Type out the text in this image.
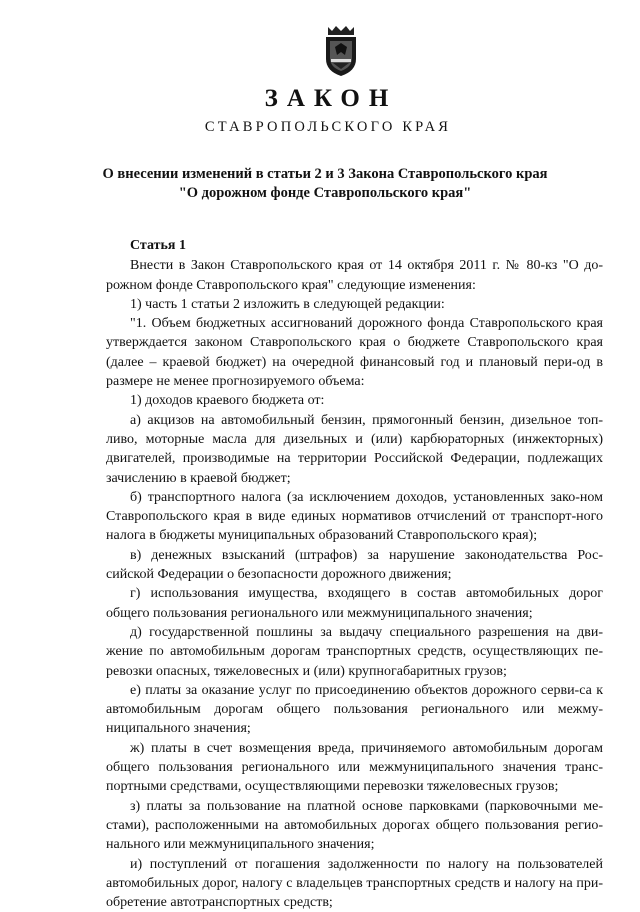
ЗАКОН
СТАВРОПОЛЬСКОГО КРАЯ
О внесении изменений в статьи 2 и 3 Закона Ставропольского края
"О дорожном фонде Ставропольского края"

Статья 1

Внести в Закон Ставропольского края от 14 октября 2011 г. № 80-кз "О до-рожном фонде Ставропольского края" следующие изменения:

1) часть 1 статьи 2 изложить в следующей редакции:

"1. Объем бюджетных ассигнований дорожного фонда Ставропольского края утверждается законом Ставропольского края о бюджете Ставропольского края (далее – краевой бюджет) на очередной финансовый год и плановый пери-од в размере не менее прогнозируемого объема:

1) доходов краевого бюджета от:

а) акцизов на автомобильный бензин, прямогонный бензин, дизельное топ-ливо, моторные масла для дизельных и (или) карбюраторных (инжекторных) двигателей, производимые на территории Российской Федерации, подлежащих зачислению в краевой бюджет;

б) транспортного налога (за исключением доходов, установленных зако-ном Ставропольского края в виде единых нормативов отчислений от транспорт-ного налога в бюджеты муниципальных образований Ставропольского края);

в) денежных взысканий (штрафов) за нарушение законодательства Рос-сийской Федерации о безопасности дорожного движения;

г) использования имущества, входящего в состав автомобильных дорог общего пользования регионального или межмуниципального значения;

д) государственной пошлины за выдачу специального разрешения на дви-жение по автомобильным дорогам транспортных средств, осуществляющих пе-ревозки опасных, тяжеловесных и (или) крупногабаритных грузов;

е) платы за оказание услуг по присоединению объектов дорожного серви-са к автомобильным дорогам общего пользования регионального или межму-ниципального значения;

ж) платы в счет возмещения вреда, причиняемого автомобильным дорогам общего пользования регионального или межмуниципального значения транс-портными средствами, осуществляющими перевозки тяжеловесных грузов;

з) платы за пользование на платной основе парковками (парковочными ме-стами), расположенными на автомобильных дорогах общего пользования регио-нального или межмуниципального значения;

и) поступлений от погашения задолженности по налогу на пользователей автомобильных дорог, налогу с владельцев транспортных средств и налогу на при-обретение автотранспортных средств;
